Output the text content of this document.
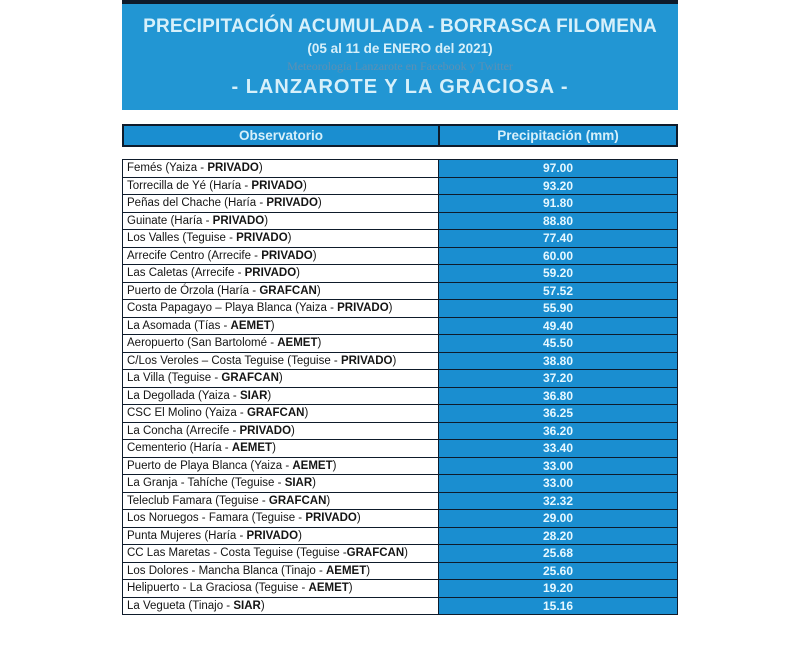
PRECIPITACIÓN ACUMULADA - BORRASCA FILOMENA
(05 al 11 de ENERO del 2021)
Meteorología Lanzarote en Facebook y Twitter
- LANZAROTE Y LA GRACIOSA -
Observatorio	Precipitación (mm)
Femés (Yaiza - PRIVADO)	97.00
Torrecilla de Yé (Haría - PRIVADO)	93.20
Peñas del Chache (Haría - PRIVADO)	91.80
Guinate (Haría - PRIVADO)	88.80
Los Valles (Teguise - PRIVADO)	77.40
Arrecife Centro (Arrecife - PRIVADO)	60.00
Las Caletas (Arrecife - PRIVADO)	59.20
Puerto de Órzola (Haría - GRAFCAN)	57.52
Costa Papagayo – Playa Blanca (Yaiza - PRIVADO)	55.90
La Asomada (Tías - AEMET)	49.40
Aeropuerto (San Bartolomé - AEMET)	45.50
C/Los Veroles – Costa Teguise (Teguise - PRIVADO)	38.80
La Villa (Teguise - GRAFCAN)	37.20
La Degollada (Yaiza - SIAR)	36.80
CSC El Molino (Yaiza - GRAFCAN)	36.25
La Concha (Arrecife - PRIVADO)	36.20
Cementerio (Haría - AEMET)	33.40
Puerto de Playa Blanca (Yaiza - AEMET)	33.00
La Granja - Tahíche (Teguise - SIAR)	33.00
Teleclub Famara (Teguise - GRAFCAN)	32.32
Los Noruegos - Famara (Teguise - PRIVADO)	29.00
Punta Mujeres (Haría - PRIVADO)	28.20
CC Las Maretas - Costa Teguise (Teguise -GRAFCAN)	25.68
Los Dolores - Mancha Blanca (Tinajo - AEMET)	25.60
Helipuerto - La Graciosa (Teguise - AEMET)	19.20
La Vegueta (Tinajo - SIAR)	15.16
